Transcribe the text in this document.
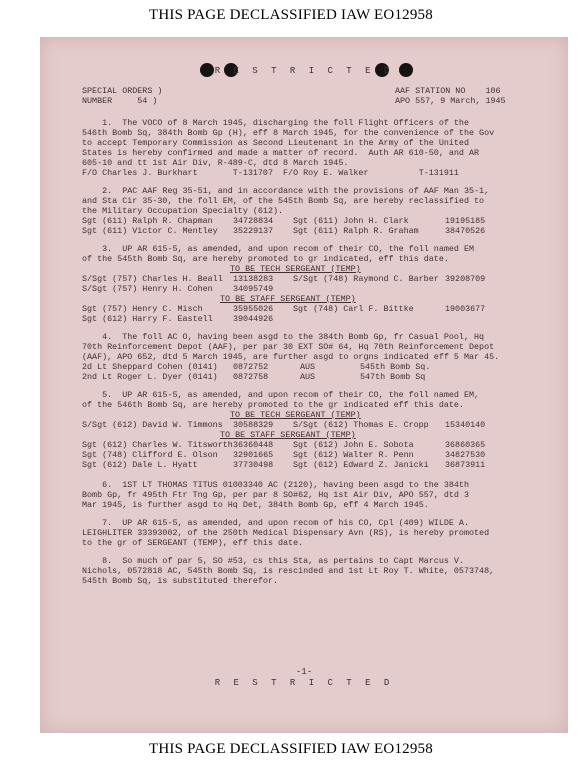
THIS PAGE DECLASSIFIED IAW EO12958
R E S T R I C T E D
SPECIAL ORDERS )
NUMBER     54 )
AAF STATION NO    106
APO 557, 9 March, 1945
1.  The VOCO of 8 March 1945, discharging the foll Flight Officers of the
546th Bomb Sq, 384th Bomb Gp (H), eff 8 March 1945, for the convenience of the Gov
to accept Temporary Commission as Second Lieutenant in the Army of the United
States is hereby confirmed and made a matter of record.  Auth AR 610-50, and AR
605-10 and tt 1st Air Div, R-489-C, dtd 8 March 1945.
F/O Charles J. Burkhart       T-131707  F/O Roy E. Walker          T-131911
2.  PAC AAF Reg 35-51, and in accordance with the provisions of AAF Man 35-1,
and Sta Cir 35-30, the foll EM, of the 545th Bomb Sq, are hereby reclassified to
the Military Occupation Specialty (612).
Sgt (611) Ralph R. Chapman 34728834 Sgt (611) John H. Clark	19195185
Sgt (611) Victor C. Mentley 35229137 Sgt (611) Ralph R. Graham	38470526
3.  UP AR 615-5, as amended, and upon recom of their CO, the foll named EM
of the 545th Bomb Sq, are hereby promoted to gr indicated, eff this date.
TO BE TECH SERGEANT (TEMP)
S/Sgt (757) Charles H. Beall 13138283 S/Sgt (748) Raymond C. Barber 39208709
S/Sgt (757) Henry H. Cohen 34095749
TO BE STAFF SERGEANT (TEMP)
Sgt (757) Henry C. Misch	35955026 Sgt (748) Carl F. Bittke	19003677
Sgt (612) Harry F. Eastell 39044926
4.  The foll AC O, having been asgd to the 384th Bomb Gp, fr Casual Pool, Hq
70th Reinforcement Depot (AAF), per par 30 EXT SO# 64, Hq 70th Reinforcement Depot
(AAF), APO 652, dtd 5 March 1945, are further asgd to orgns indicated eff 5 Mar 45.
2d Lt Sheppard Cohen (0141) 0872752	AUS	545th Bomb Sq.
2nd Lt Roger L. Dyer (0141) 0872758	AUS	547th Bomb Sq
5.  UP AR 615-5, as amended, and upon recom of their CO, the foll named EM,
of the 546th Bomb Sq, are hereby promoted to the gr indicated eff this date.
TO BE TECH SERGEANT (TEMP)
S/Sgt (612) David W. Timmons 30588329 S/Sgt (612) Thomas E. Cropp 15340140
TO BE STAFF SERGEANT (TEMP)
Sgt (612) Charles W. Titsworth 36360448 Sgt (612) John E. Sobota	36860365
Sgt (748) Clifford E. Olson 32901665 Sgt (612) Walter R. Penn	34827530
Sgt (612) Dale L. Hyatt	37730498 Sgt (612) Edward Z. Janicki 36873911
6.  1ST LT THOMAS TITUS 01003340 AC (2120), having been asgd to the 384th
Bomb Gp, fr 495th Ftr Tng Gp, per par 8 SO#62, Hq 1st Air Div, APO 557, dtd 3
Mar 1945, is further asgd to Hq Det, 384th Bomb Gp, eff 4 March 1945.
7.  UP AR 615-5, as amended, and upon recom of his CO, Cpl (409) WILDE A.
LEIGHLITER 33393002, of the 250th Medical Dispensary Avn (RS), is hereby promoted
to the gr of SERGEANT (TEMP), eff this date.
8.  So much of par 5, SO #53, cs this Sta, as pertains to Capt Marcus V.
Nichols, 0572818 AC, 545th Bomb Sq, is rescinded and 1st Lt Roy T. White, 0573748,
545th Bomb Sq, is substituted therefor.
-1-
R E S T R I C T E D
THIS PAGE DECLASSIFIED IAW EO12958
